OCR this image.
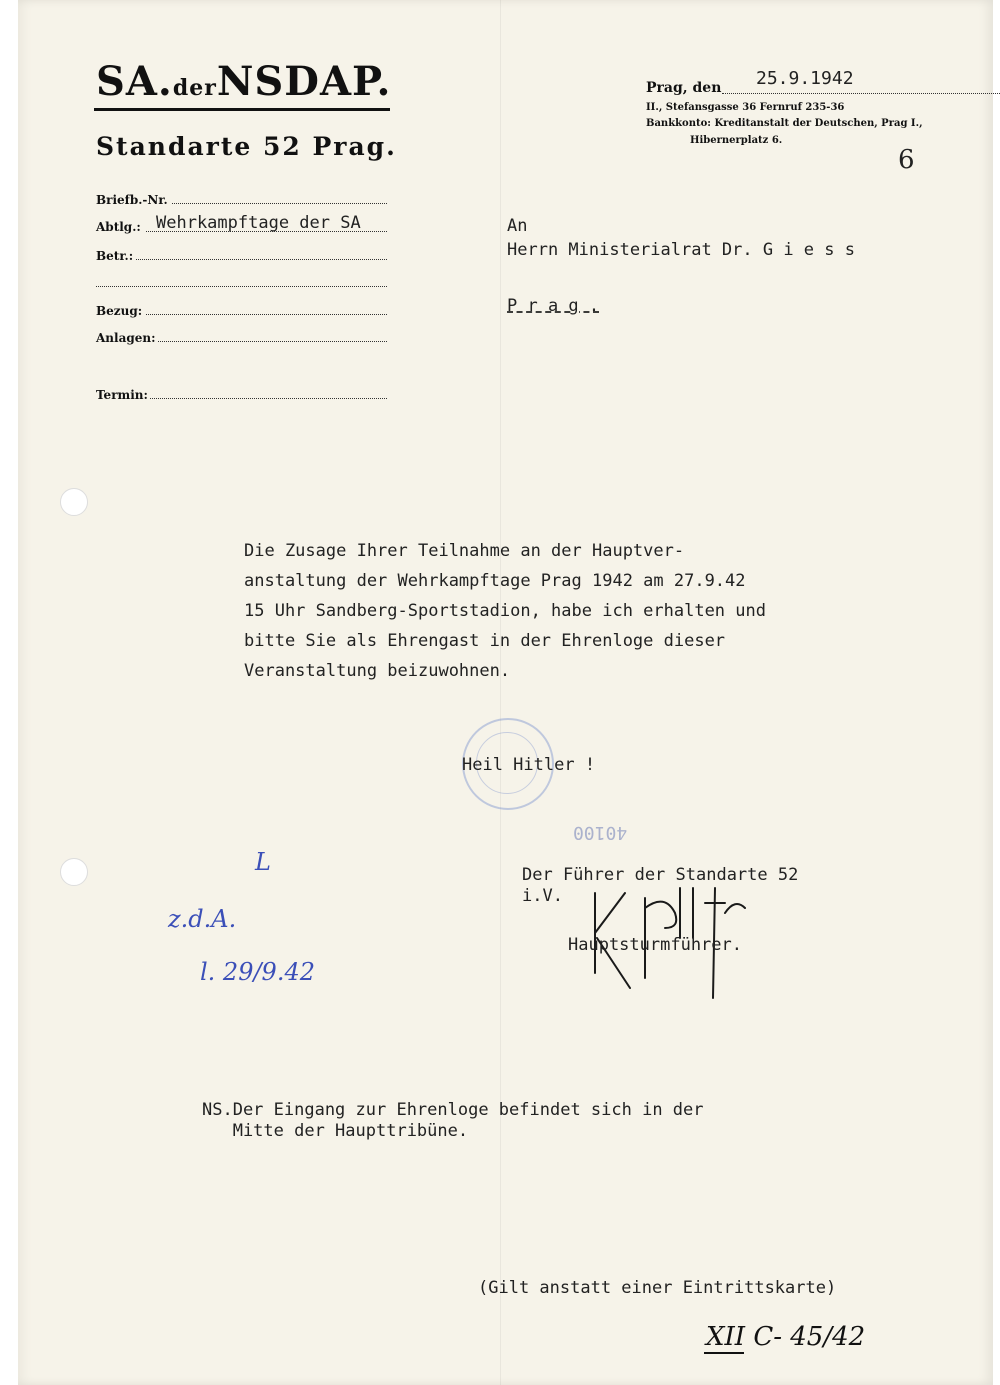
SA.derNSDAP.
Standarte 52 Prag.
Briefb.-Nr.
Abtlg.: Wehrkampftage der SA
Betr.:
Bezug:
Anlagen:
Termin:
Prag, den 25.9.1942
II., Stefansgasse 36 Fernruf 235-36
Bankkonto: Kreditanstalt der Deutschen, Prag I.,
Hibernerplatz 6.
6
An
Herrn Ministerialrat Dr. G i e s s
P r a g .
Die Zusage Ihrer Teilnahme an der Hauptver-
anstaltung der Wehrkampftage Prag 1942 am 27.9.42
15 Uhr Sandberg-Sportstadion, habe ich erhalten und
bitte Sie als Ehrengast in der Ehrenloge dieser
Veranstaltung beizuwohnen.
Heil Hitler !
40100
Der Führer der Standarte 52
i.V.
Hauptsturmführer.
L
z.d.A.
l. 29/9.42
NS.Der Eingang zur Ehrenloge befindet sich in der
Mitte der Haupttribüne.
(Gilt anstatt einer Eintrittskarte)
XII C- 45/42
